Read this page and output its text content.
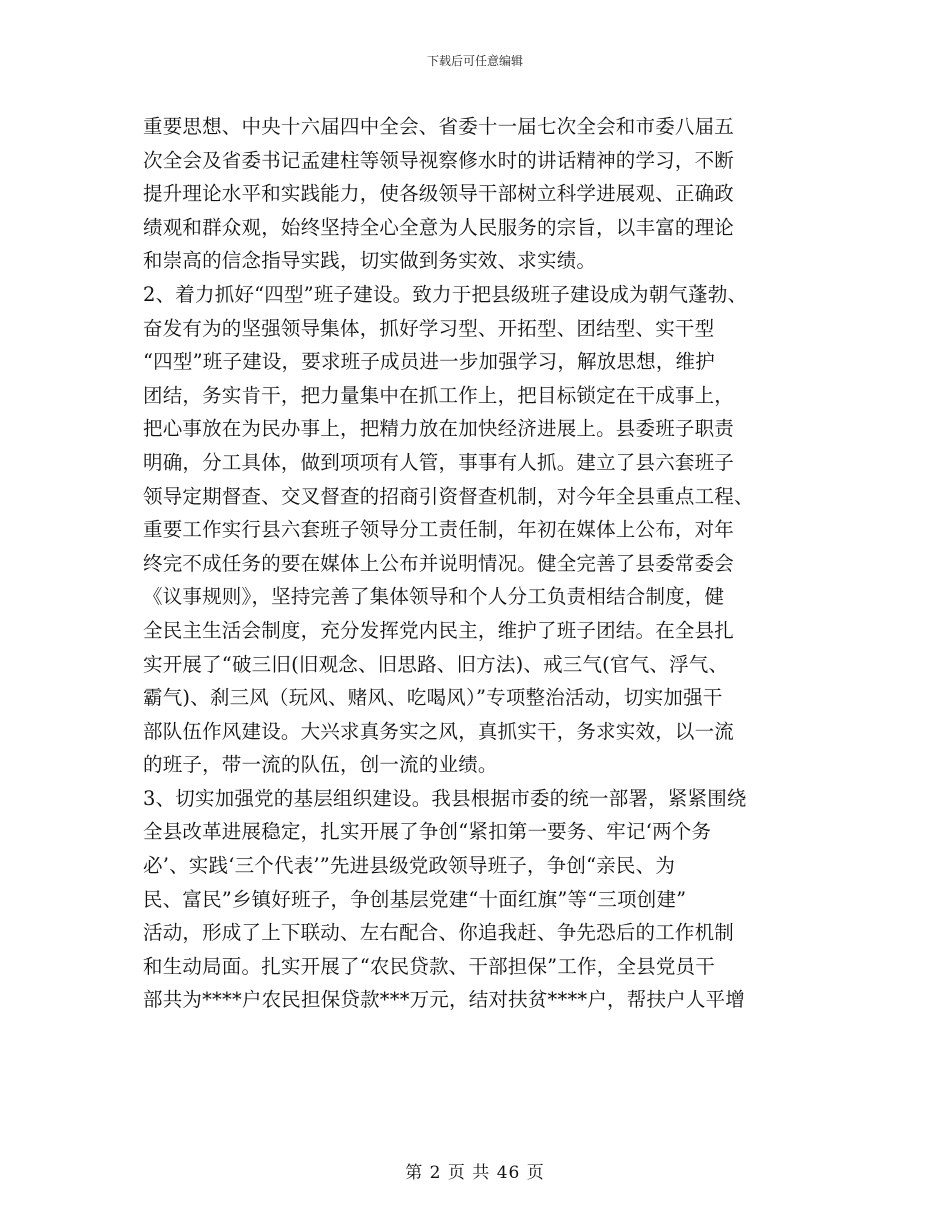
下载后可任意编辑
重要思想、中央十六届四中全会、省委十一届七次全会和市委八届五
次全会及省委书记孟建柱等领导视察修水时的讲话精神的学习，不断
提升理论水平和实践能力，使各级领导干部树立科学进展观、正确政
绩观和群众观，始终坚持全心全意为人民服务的宗旨，以丰富的理论
和崇高的信念指导实践，切实做到务实效、求实绩。
2、着力抓好“四型”班子建设。致力于把县级班子建设成为朝气蓬勃、
奋发有为的坚强领导集体，抓好学习型、开拓型、团结型、实干型
“四型”班子建设，要求班子成员进一步加强学习，解放思想，维护
团结，务实肯干，把力量集中在抓工作上，把目标锁定在干成事上，
把心事放在为民办事上，把精力放在加快经济进展上。县委班子职责
明确，分工具体，做到项项有人管，事事有人抓。建立了县六套班子
领导定期督查、交叉督查的招商引资督查机制，对今年全县重点工程、
重要工作实行县六套班子领导分工责任制，年初在媒体上公布，对年
终完不成任务的要在媒体上公布并说明情况。健全完善了县委常委会
《议事规则》，坚持完善了集体领导和个人分工负责相结合制度，健
全民主生活会制度，充分发挥党内民主，维护了班子团结。在全县扎
实开展了“破三旧(旧观念、旧思路、旧方法)、戒三气(官气、浮气、
霸气)、刹三风（玩风、赌风、吃喝风）”专项整治活动，切实加强干
部队伍作风建设。大兴求真务实之风，真抓实干，务求实效，以一流
的班子，带一流的队伍，创一流的业绩。
3、切实加强党的基层组织建设。我县根据市委的统一部署，紧紧围绕
全县改革进展稳定，扎实开展了争创“紧扣第一要务、牢记‘两个务
必’、实践‘三个代表’”先进县级党政领导班子，争创“亲民、为
民、富民”乡镇好班子，争创基层党建“十面红旗”等“三项创建”
活动，形成了上下联动、左右配合、你追我赶、争先恐后的工作机制
和生动局面。扎实开展了“农民贷款、干部担保”工作，全县党员干
部共为****户农民担保贷款***万元，结对扶贫****户，帮扶户人平增
第 2 页 共 46 页
